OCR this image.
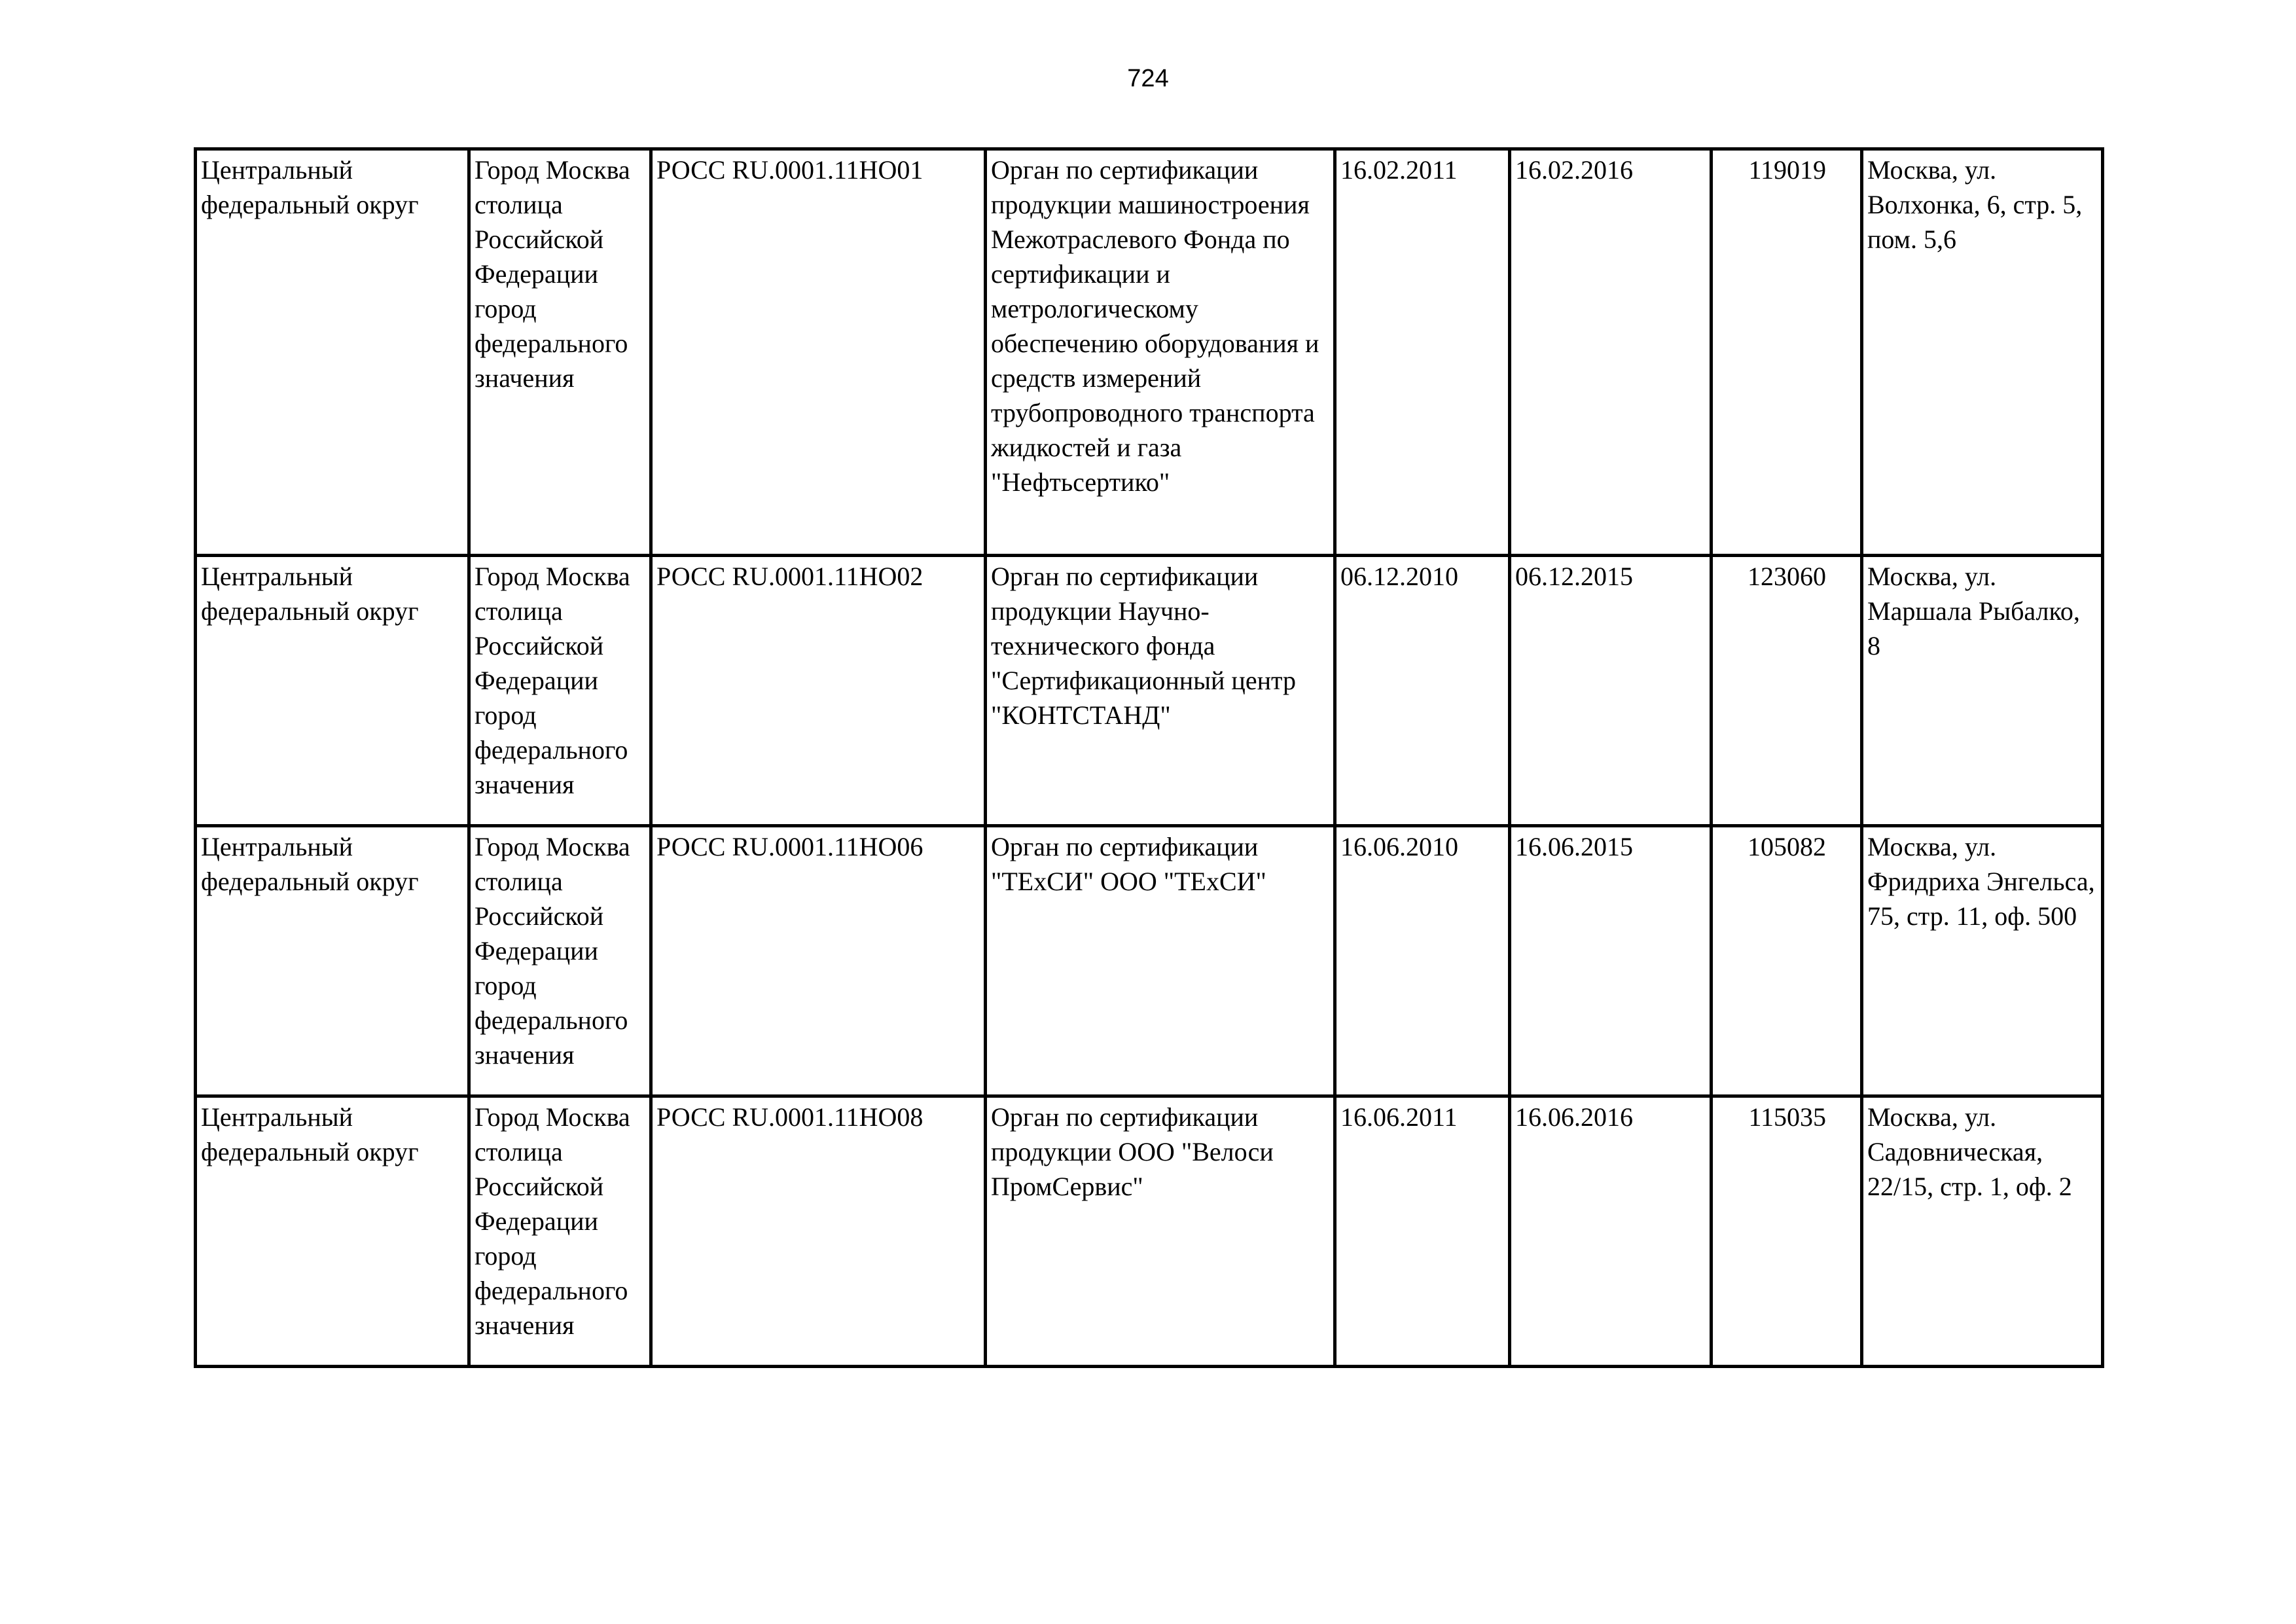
724
Центральный федеральный округ	Город Москва столица Российской Федерации город федерального значения	РОСС RU.0001.11НО01	Орган по сертификации продукции машиностроения Межотраслевого Фонда по сертификации и метрологическому обеспечению оборудования и средств измерений трубопроводного транспорта жидкостей и газа "Нефтьсертико"	16.02.2011	16.02.2016	119019	Москва, ул. Волхонка, 6, стр. 5, пом. 5,6

Центральный федеральный округ	Город Москва столица Российской Федерации город федерального значения	РОСС RU.0001.11НО02	Орган по сертификации продукции Научно-технического фонда "Сертификационный центр "КОНТСТАНД"	06.12.2010	06.12.2015	123060	Москва, ул. Маршала Рыбалко, 8

Центральный федеральный округ	Город Москва столица Российской Федерации город федерального значения	РОСС RU.0001.11НО06	Орган по сертификации "ТЕхСИ" ООО "ТЕхСИ"	16.06.2010	16.06.2015	105082	Москва, ул. Фридриха Энгельса, 75, стр. 11, оф. 500

Центральный федеральный округ	Город Москва столица Российской Федерации город федерального значения	РОСС RU.0001.11НО08	Орган по сертификации продукции ООО "Велоси ПромСервис"	16.06.2011	16.06.2016	115035	Москва, ул. Садовническая, 22/15, стр. 1, оф. 2
